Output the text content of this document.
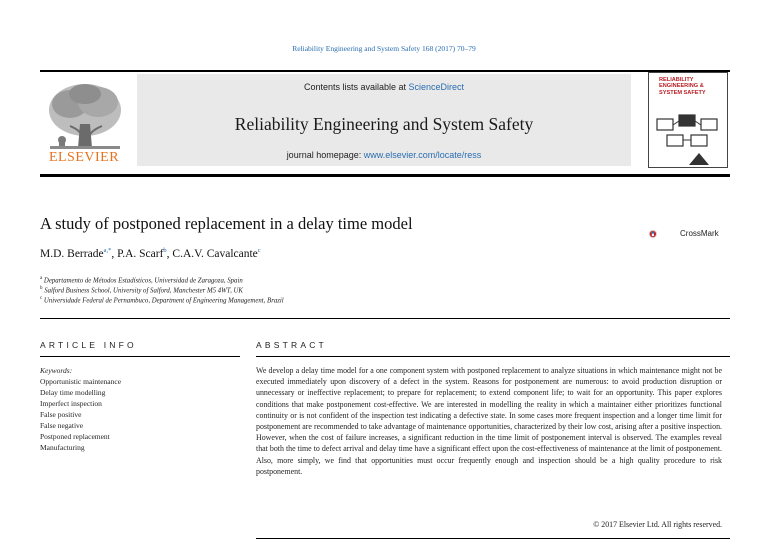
Reliability Engineering and System Safety 168 (2017) 70–79
ELSEVIER
Contents lists available at ScienceDirect
Reliability Engineering and System Safety
journal homepage: www.elsevier.com/locate/ress
RELIABILITY ENGINEERING & SYSTEM SAFETY
A study of postponed replacement in a delay time model
M.D. Berrade$^{a,*}$, P.A. Scarf$^b$, C.A.V. Cavalcante$^c$
CrossMark
$^a$ Departamento de Métodos Estadísticos, Universidad de Zaragoza, Spain
$^b$ Salford Business School, University of Salford, Manchester M5 4WT, UK
$^c$ Universidade Federal de Pernambuco, Department of Engineering Management, Brazil
ARTICLE INFO
Keywords:
Opportunistic maintenance
Delay time modelling
Imperfect inspection
False positive
False negative
Postponed replacement
Manufacturing
ABSTRACT
We develop a delay time model for a one component system with postponed replacement to analyze situations in which maintenance might not be executed immediately upon discovery of a defect in the system. Reasons for postponement are numerous: to avoid production disruption or unnecessary or ineffective replacement; to prepare for replacement; to extend component life; to wait for an opportunity. This paper explores conditions that make postponement cost-effective. We are interested in modelling the reality in which a maintainer either prioritizes functional continuity or is not confident of the inspection test indicating a defective state. In some cases more frequent inspection and a longer time limit for postponement are recommended to take advantage of maintenance opportunities, characterized by their low cost, arising after a positive inspection. However, when the cost of failure increases, a significant reduction in the time limit of postponement interval is observed. The examples reveal that both the time to defect arrival and delay time have a significant effect upon the cost-effectiveness of maintenance at the limit of postponement. Also, more simply, we find that opportunities must occur frequently enough and inspection should be a high quality procedure to risk postponement.
© 2017 Elsevier Ltd. All rights reserved.
